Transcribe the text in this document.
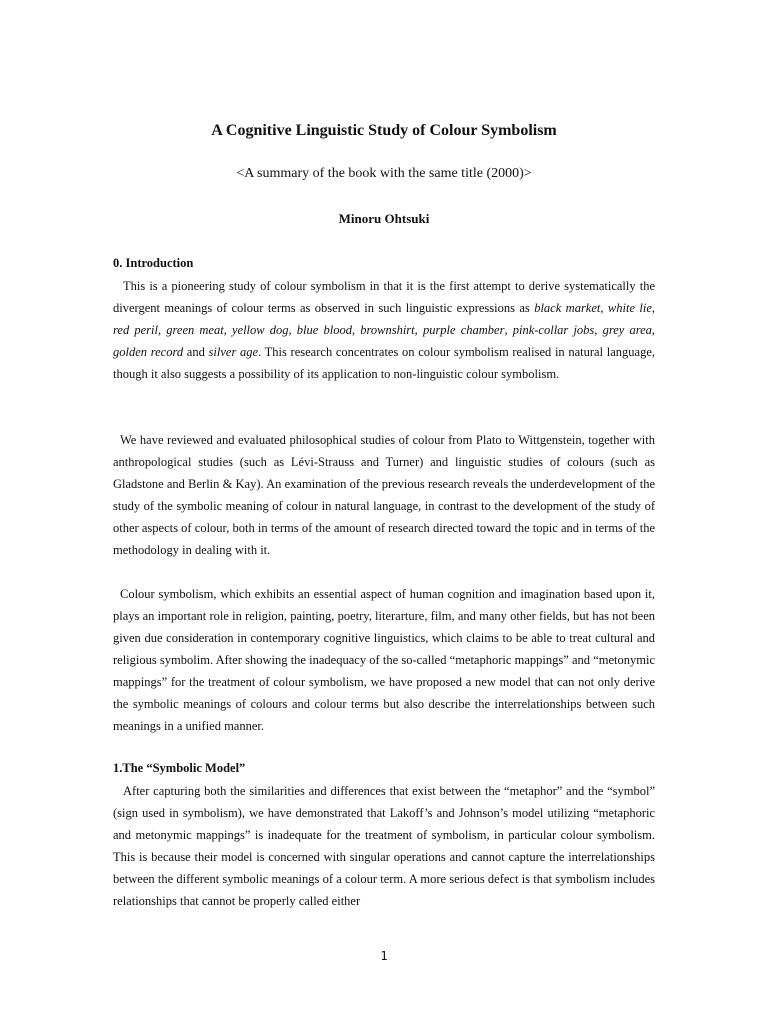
A Cognitive Linguistic Study of Colour Symbolism
<A summary of the book with the same title (2000)>
Minoru Ohtsuki
0. Introduction

This is a pioneering study of colour symbolism in that it is the first attempt to derive systematically the divergent meanings of colour terms as observed in such linguistic expressions as black market, white lie, red peril, green meat, yellow dog, blue blood, brownshirt, purple chamber, pink-collar jobs, grey area, golden record and silver age. This research concentrates on colour symbolism realised in natural language, though it also suggests a possibility of its application to non-linguistic colour symbolism.

We have reviewed and evaluated philosophical studies of colour from Plato to Wittgenstein, together with anthropological studies (such as Lévi-Strauss and Turner) and linguistic studies of colours (such as Gladstone and Berlin & Kay). An examination of the previous research reveals the underdevelopment of the study of the symbolic meaning of colour in natural language, in contrast to the development of the study of other aspects of colour, both in terms of the amount of research directed toward the topic and in terms of the methodology in dealing with it.

Colour symbolism, which exhibits an essential aspect of human cognition and imagination based upon it, plays an important role in religion, painting, poetry, literarture, film, and many other fields, but has not been given due consideration in contemporary cognitive linguistics, which claims to be able to treat cultural and religious symbolim. After showing the inadequacy of the so-called “metaphoric mappings” and “metonymic mappings” for the treatment of colour symbolism, we have proposed a new model that can not only derive the symbolic meanings of colours and colour terms but also describe the interrelationships between such meanings in a unified manner.

1.The “Symbolic Model”

After capturing both the similarities and differences that exist between the “metaphor” and the “symbol” (sign used in symbolism), we have demonstrated that Lakoff’s and Johnson’s model utilizing “metaphoric and metonymic mappings” is inadequate for the treatment of symbolism, in particular colour symbolism. This is because their model is concerned with singular operations and cannot capture the interrelationships between the different symbolic meanings of a colour term. A more serious defect is that symbolism includes relationships that cannot be properly called either

1
